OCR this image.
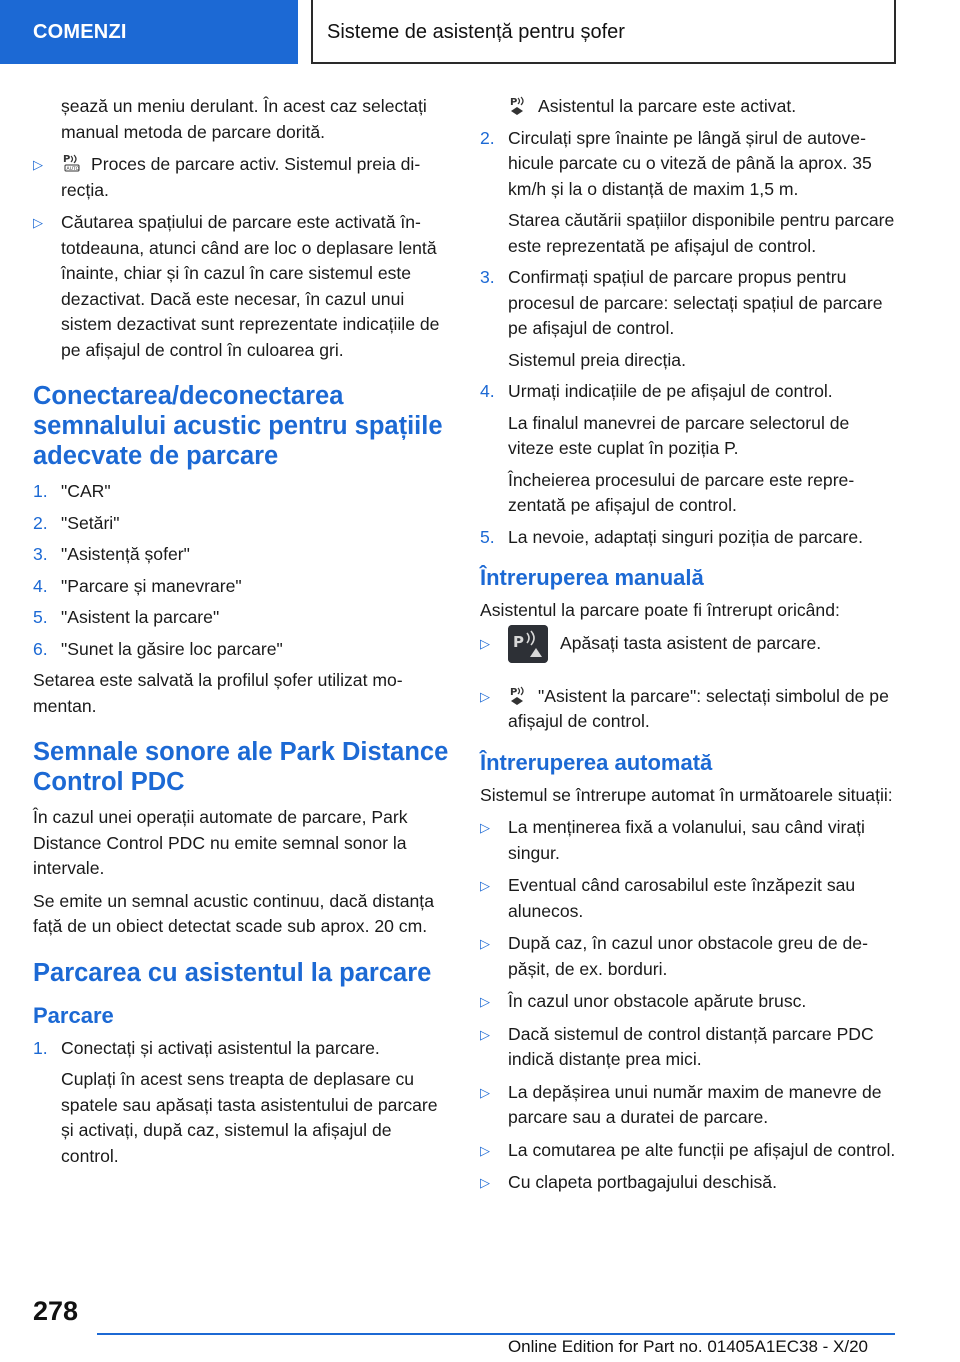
COMENZI	Sisteme de asistență pentru șofer

șează un meniu derulant. În acest caz selectați manual metoda de parcare dorită.

▷ P
AUTO Proces de parcare activ. Sistemul preia direcția.
▷ Căutarea spațiului de parcare este activată întotdeauna, atunci când are loc o deplasare lentă înainte, chiar și în cazul în care sistemul este dezactivat. Dacă este necesar, în cazul unui sistem dezactivat sunt reprezentate indicațiile de pe afișajul de control în culoarea gri.
Conectarea/deconectarea semnalului acustic pentru spațiile adecvate de parcare
1. "CAR"
2. "Setări"
3. "Asistență șofer"
4. "Parcare și manevrare"
5. "Asistent la parcare"
6. "Sunet la găsire loc parcare"

Setarea este salvată la profilul șofer utilizat momentan.

Semnale sonore ale Park Distance Control PDC

În cazul unei operații automate de parcare, Park Distance Control PDC nu emite semnal sonor la intervale.

Se emite un semnal acustic continuu, dacă distanța față de un obiect detectat scade sub aprox. 20 cm.

Parcarea cu asistentul la parcare
Parcare
1. Conectați și activați asistentul la parcare.

Cuplați în acest sens treapta de deplasare cu spatele sau apăsați tasta asistentului de parcare și activați, după caz, sistemul la afișajul de control.

P Asistentul la parcare este activat.

2. Circulați spre înainte pe lângă șirul de autovehicule parcate cu o viteză de până la aprox. 35 km/h și la o distanță de maxim 1,5 m.

Starea căutării spațiilor disponibile pentru parcare este reprezentată pe afișajul de control.

3. Confirmați spațiul de parcare propus pentru procesul de parcare: selectați spațiul de parcare pe afișajul de control.

Sistemul preia direcția.

4. Urmați indicațiile de pe afișajul de control.

La finalul manevrei de parcare selectorul de viteze este cuplat în poziția P.

Încheierea procesului de parcare este reprezentată pe afișajul de control.

5. La nevoie, adaptați singuri poziția de parcare.
Întreruperea manuală

Asistentul la parcare poate fi întrerupt oricând:

▷ P Apăsați tasta asistent de parcare.
▷ P "Asistent la parcare": selectați simbolul de pe afișajul de control.
Întreruperea automată

Sistemul se întrerupe automat în următoarele situații:

▷ La menținerea fixă a volanului, sau când virați singur.
▷ Eventual când carosabilul este înzăpezit sau alunecos.
▷ După caz, în cazul unor obstacole greu de depășit, de ex. borduri.
▷ În cazul unor obstacole apărute brusc.
▷ Dacă sistemul de control distanță parcare PDC indică distanțe prea mici.
▷ La depășirea unui număr maxim de manevre de parcare sau a duratei de parcare.
▷ La comutarea pe alte funcții pe afișajul de control.
▷ Cu clapeta portbagajului deschisă.
278
Online Edition for Part no. 01405A1EC38 - X/20
